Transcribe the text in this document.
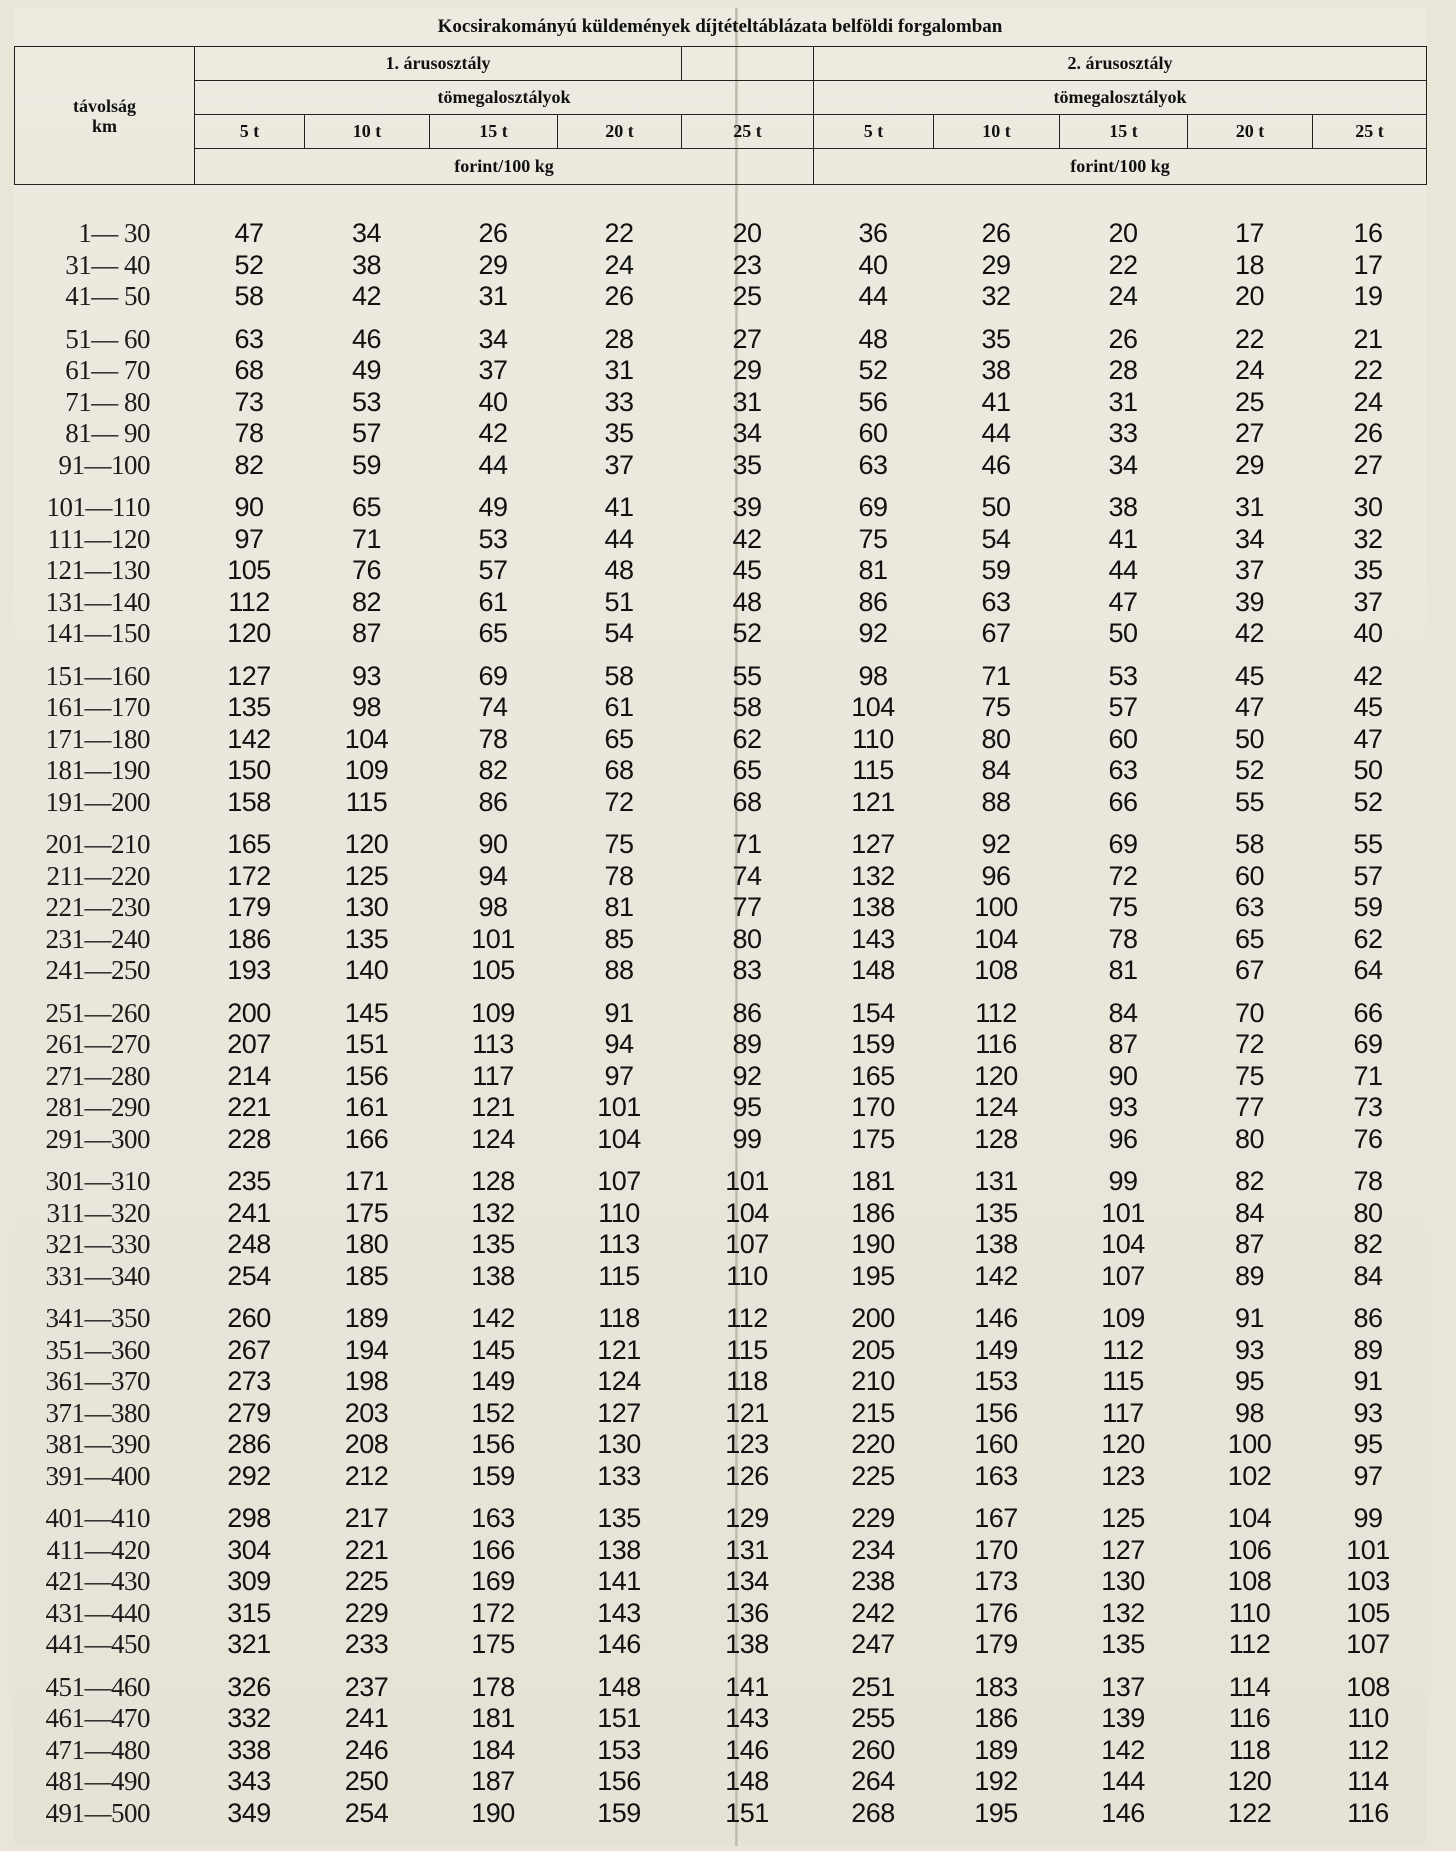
Kocsirakományú küldemények díjtételtáblázata belföldi forgalomban
távolság
km	1. árusosztály					2. árusosztály				
	tömegalosztályok					tömegalosztályok				
	5 t	10 t	15 t	20 t	25 t	5 t	10 t	15 t	20 t	25 t
	forint/100 kg					forint/100 kg				
1— 30	47	34	26	22	20	36	26	20	17	16
31— 40	52	38	29	24	23	40	29	22	18	17
41— 50	58	42	31	26	25	44	32	24	20	19
51— 60	63	46	34	28	27	48	35	26	22	21
61— 70	68	49	37	31	29	52	38	28	24	22
71— 80	73	53	40	33	31	56	41	31	25	24
81— 90	78	57	42	35	34	60	44	33	27	26
91—100	82	59	44	37	35	63	46	34	29	27
101—110	90	65	49	41	39	69	50	38	31	30
111—120	97	71	53	44	42	75	54	41	34	32
121—130	105	76	57	48	45	81	59	44	37	35
131—140	112	82	61	51	48	86	63	47	39	37
141—150	120	87	65	54	52	92	67	50	42	40
151—160	127	93	69	58	55	98	71	53	45	42
161—170	135	98	74	61	58	104	75	57	47	45
171—180	142	104	78	65	62	110	80	60	50	47
181—190	150	109	82	68	65	115	84	63	52	50
191—200	158	115	86	72	68	121	88	66	55	52
201—210	165	120	90	75	71	127	92	69	58	55
211—220	172	125	94	78	74	132	96	72	60	57
221—230	179	130	98	81	77	138	100	75	63	59
231—240	186	135	101	85	80	143	104	78	65	62
241—250	193	140	105	88	83	148	108	81	67	64
251—260	200	145	109	91	86	154	112	84	70	66
261—270	207	151	113	94	89	159	116	87	72	69
271—280	214	156	117	97	92	165	120	90	75	71
281—290	221	161	121	101	95	170	124	93	77	73
291—300	228	166	124	104	99	175	128	96	80	76
301—310	235	171	128	107	101	181	131	99	82	78
311—320	241	175	132	110	104	186	135	101	84	80
321—330	248	180	135	113	107	190	138	104	87	82
331—340	254	185	138	115	110	195	142	107	89	84
341—350	260	189	142	118	112	200	146	109	91	86
351—360	267	194	145	121	115	205	149	112	93	89
361—370	273	198	149	124	118	210	153	115	95	91
371—380	279	203	152	127	121	215	156	117	98	93
381—390	286	208	156	130	123	220	160	120	100	95
391—400	292	212	159	133	126	225	163	123	102	97
401—410	298	217	163	135	129	229	167	125	104	99
411—420	304	221	166	138	131	234	170	127	106	101
421—430	309	225	169	141	134	238	173	130	108	103
431—440	315	229	172	143	136	242	176	132	110	105
441—450	321	233	175	146	138	247	179	135	112	107
451—460	326	237	178	148	141	251	183	137	114	108
461—470	332	241	181	151	143	255	186	139	116	110
471—480	338	246	184	153	146	260	189	142	118	112
481—490	343	250	187	156	148	264	192	144	120	114
491—500	349	254	190	159	151	268	195	146	122	116
